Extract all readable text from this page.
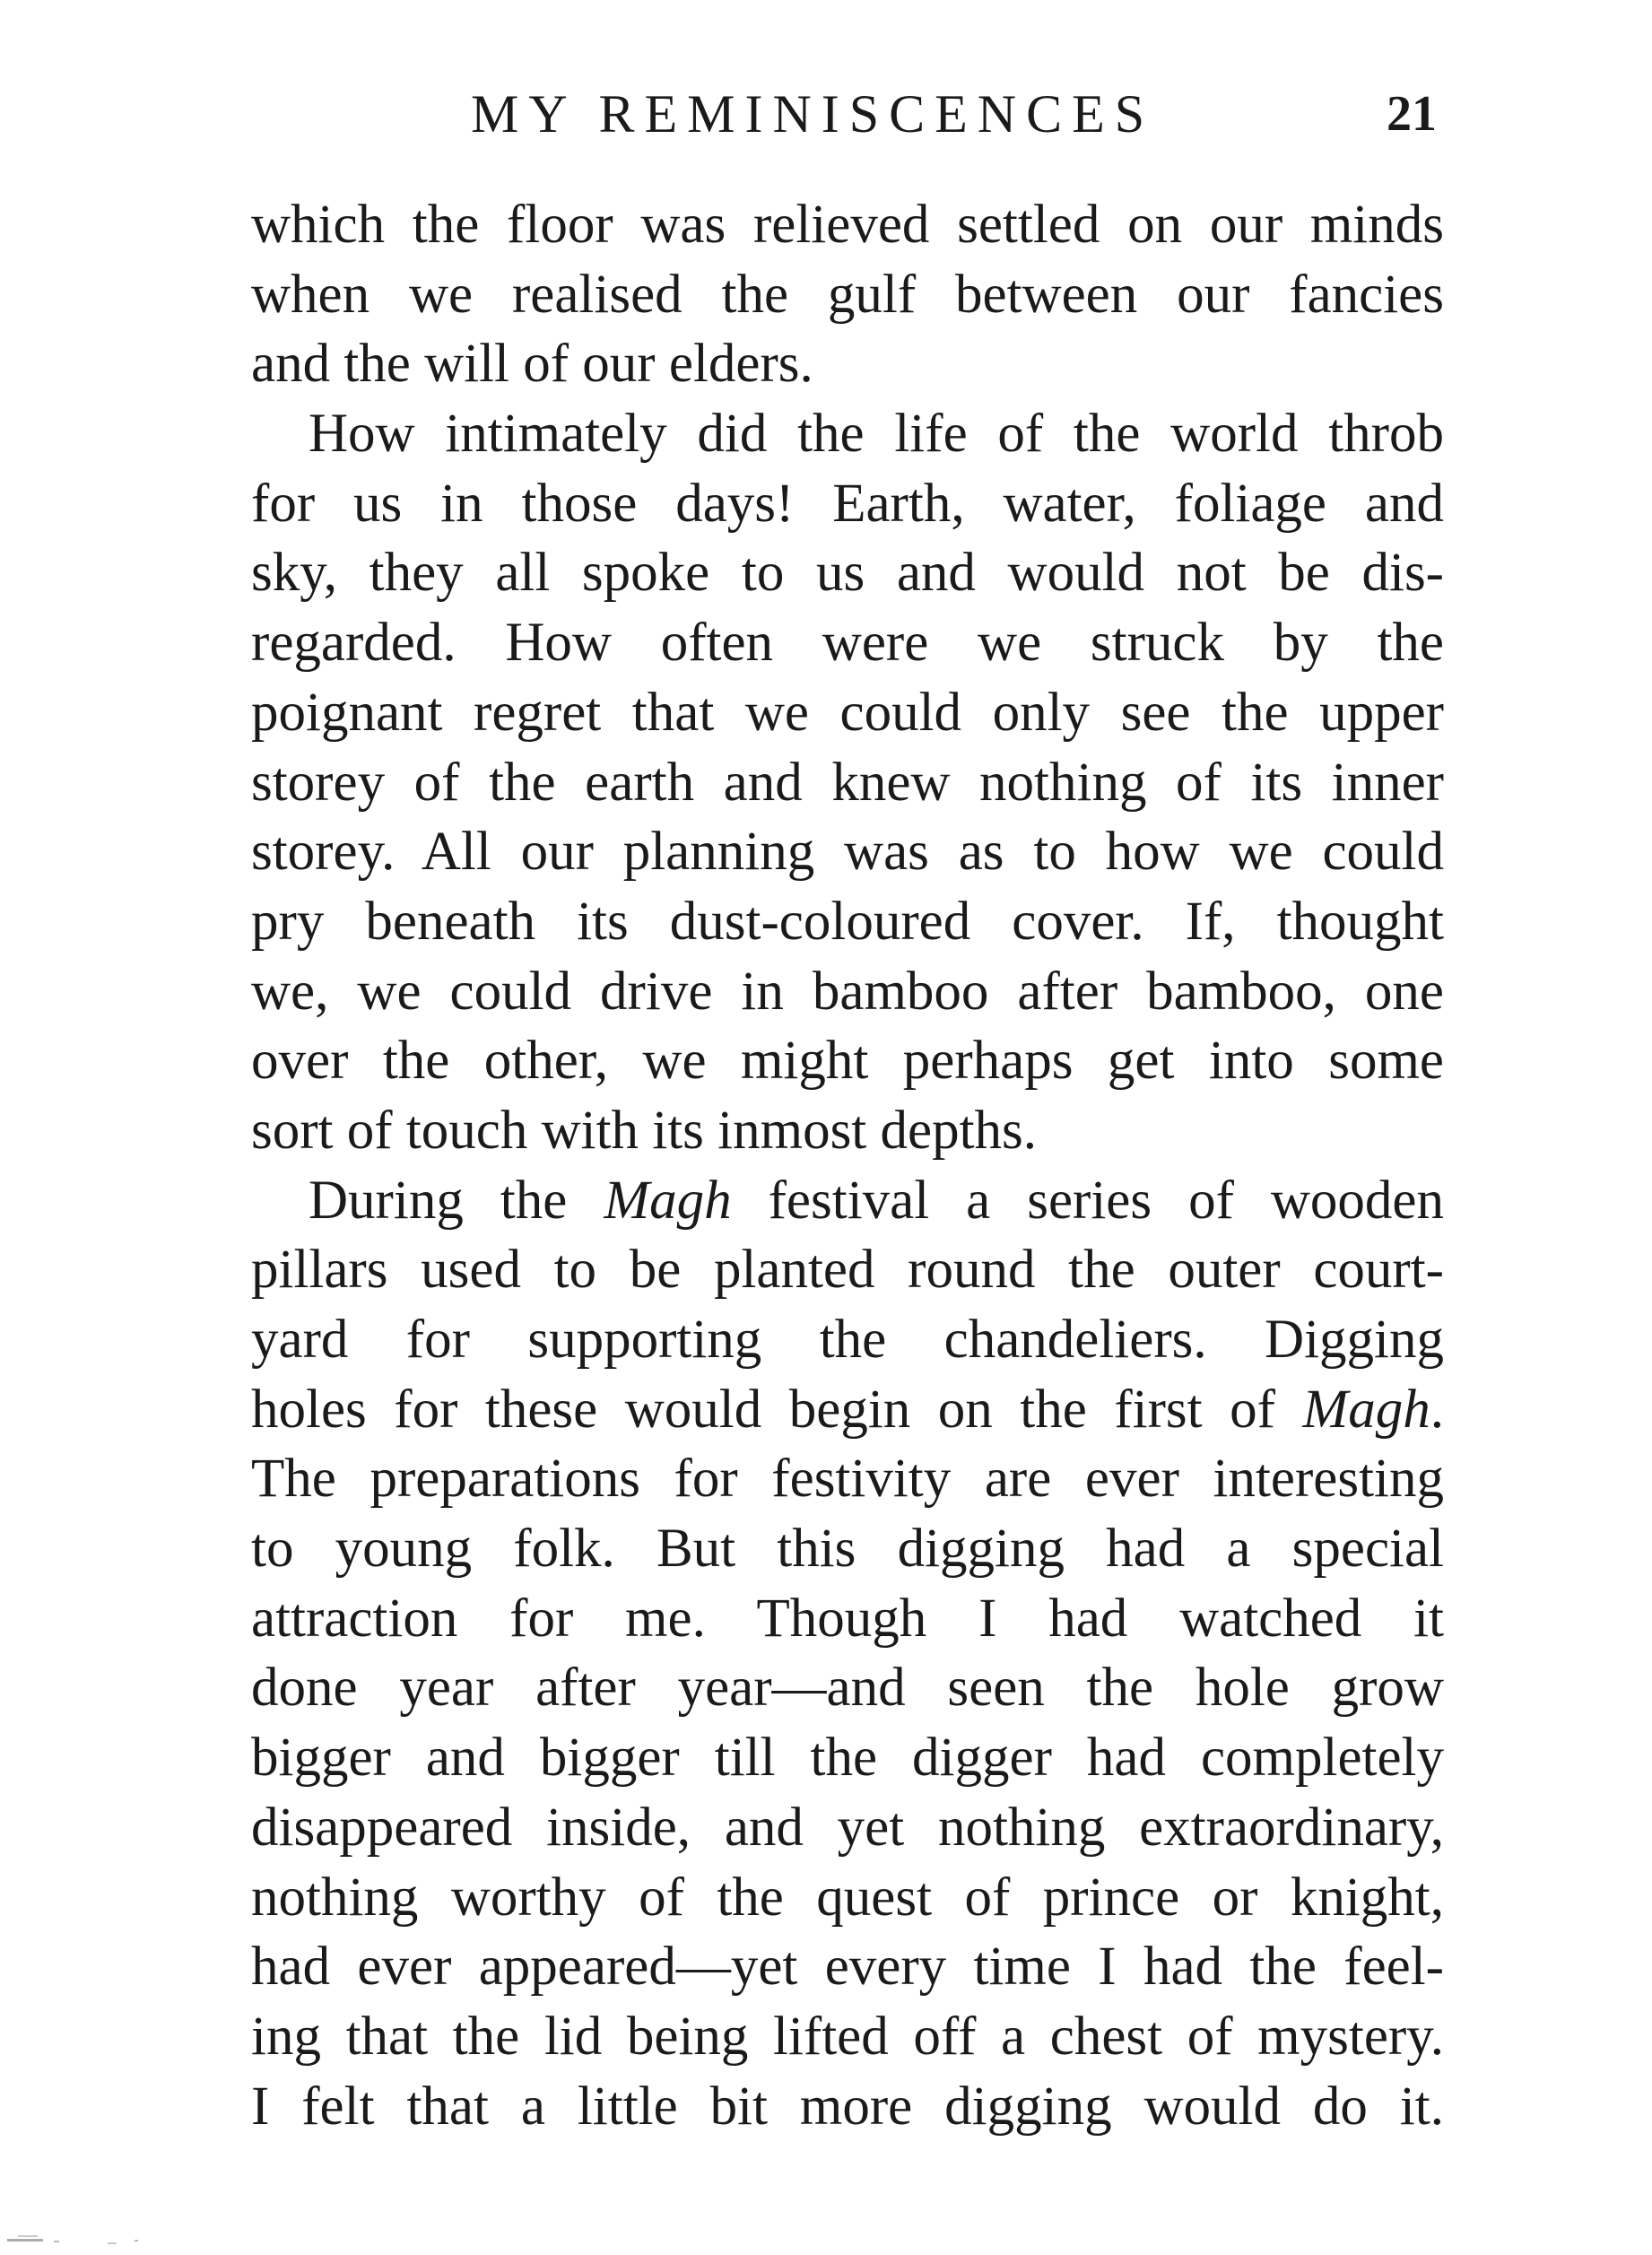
MY REMINISCENCES	21
which the floor was relieved settled on our minds
when we realised the gulf between our fancies
and the will of our elders.
How intimately did the life of the world throb
for us in those days! Earth, water, foliage and
sky, they all spoke to us and would not be dis-
regarded. How often were we struck by the
poignant regret that we could only see the upper
storey of the earth and knew nothing of its inner
storey. All our planning was as to how we could
pry beneath its dust-coloured cover. If, thought
we, we could drive in bamboo after bamboo, one
over the other, we might perhaps get into some
sort of touch with its inmost depths.
During the Magh festival a series of wooden
pillars used to be planted round the outer court-
yard for supporting the chandeliers. Digging
holes for these would begin on the first of Magh.
The preparations for festivity are ever interesting
to young folk. But this digging had a special
attraction for me. Though I had watched it
done year after year—and seen the hole grow
bigger and bigger till the digger had completely
disappeared inside, and yet nothing extraordinary,
nothing worthy of the quest of prince or knight,
had ever appeared—yet every time I had the feel-
ing that the lid being lifted off a chest of mystery.
I felt that a little bit more digging would do it.
